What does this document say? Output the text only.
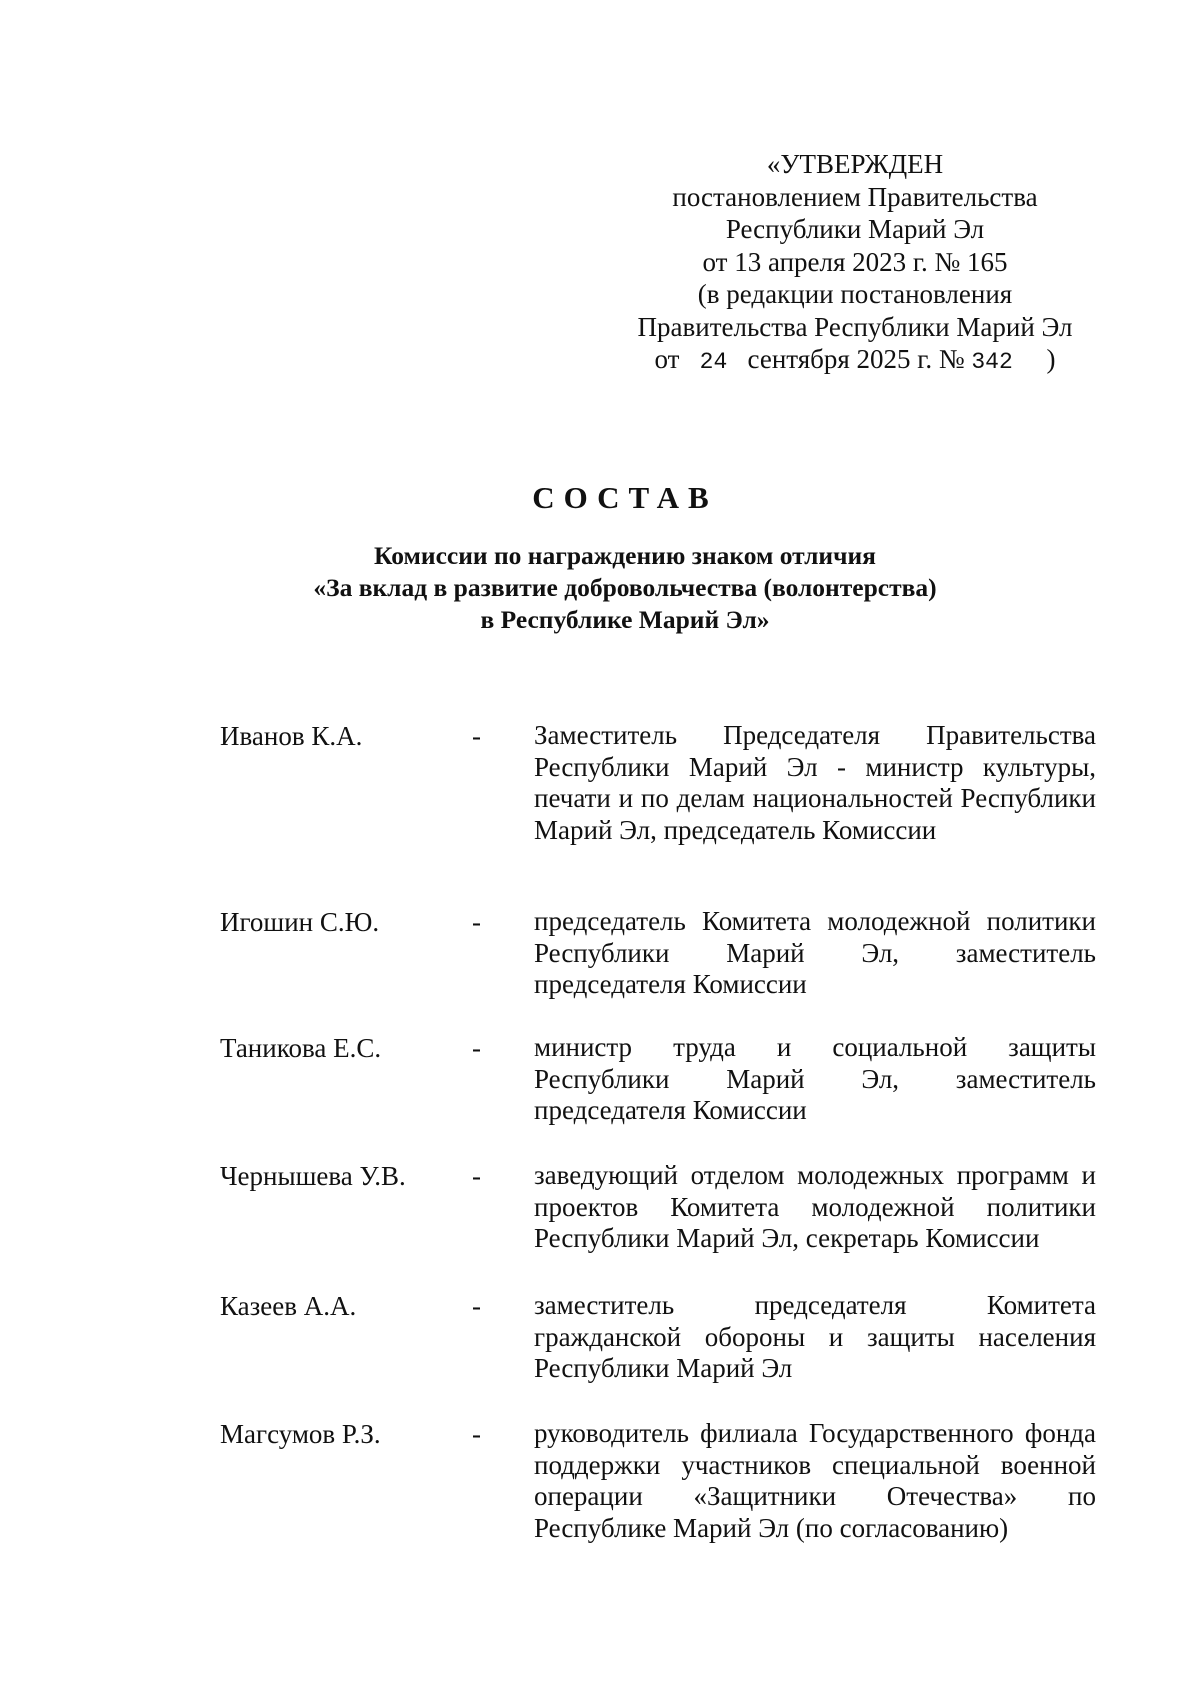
«УТВЕРЖДЕН
постановлением Правительства
Республики Марий Эл
от 13 апреля 2023 г. № 165
(в редакции постановления
Правительства Республики Марий Эл
от 24 сентября 2025 г. № 342 )
СОСТАВ
Комиссии по награждению знаком отличия
«За вклад в развитие добровольчества (волонтерства)
в Республике Марий Эл»
Иванов К.А.	- Заместитель Председателя Правительства Республики Марий Эл - министр культуры, печати и по делам национальностей Республики Марий Эл, председатель Комиссии
Игошин С.Ю.	- председатель Комитета молодежной политики Республики Марий Эл, заместитель председателя Комиссии
Таникова Е.С.	- министр труда и социальной защиты Республики Марий Эл, заместитель председателя Комиссии
Чернышева У.В. - заведующий отделом молодежных программ и проектов Комитета молодежной политики Республики Марий Эл, секретарь Комиссии
Казеев А.А.	- заместитель председателя Комитета гражданской обороны и защиты населения Республики Марий Эл
Магсумов Р.З.	- руководитель филиала Государственного фонда поддержки участников специальной военной операции «Защитники Отечества» по Республике Марий Эл (по согласованию)
